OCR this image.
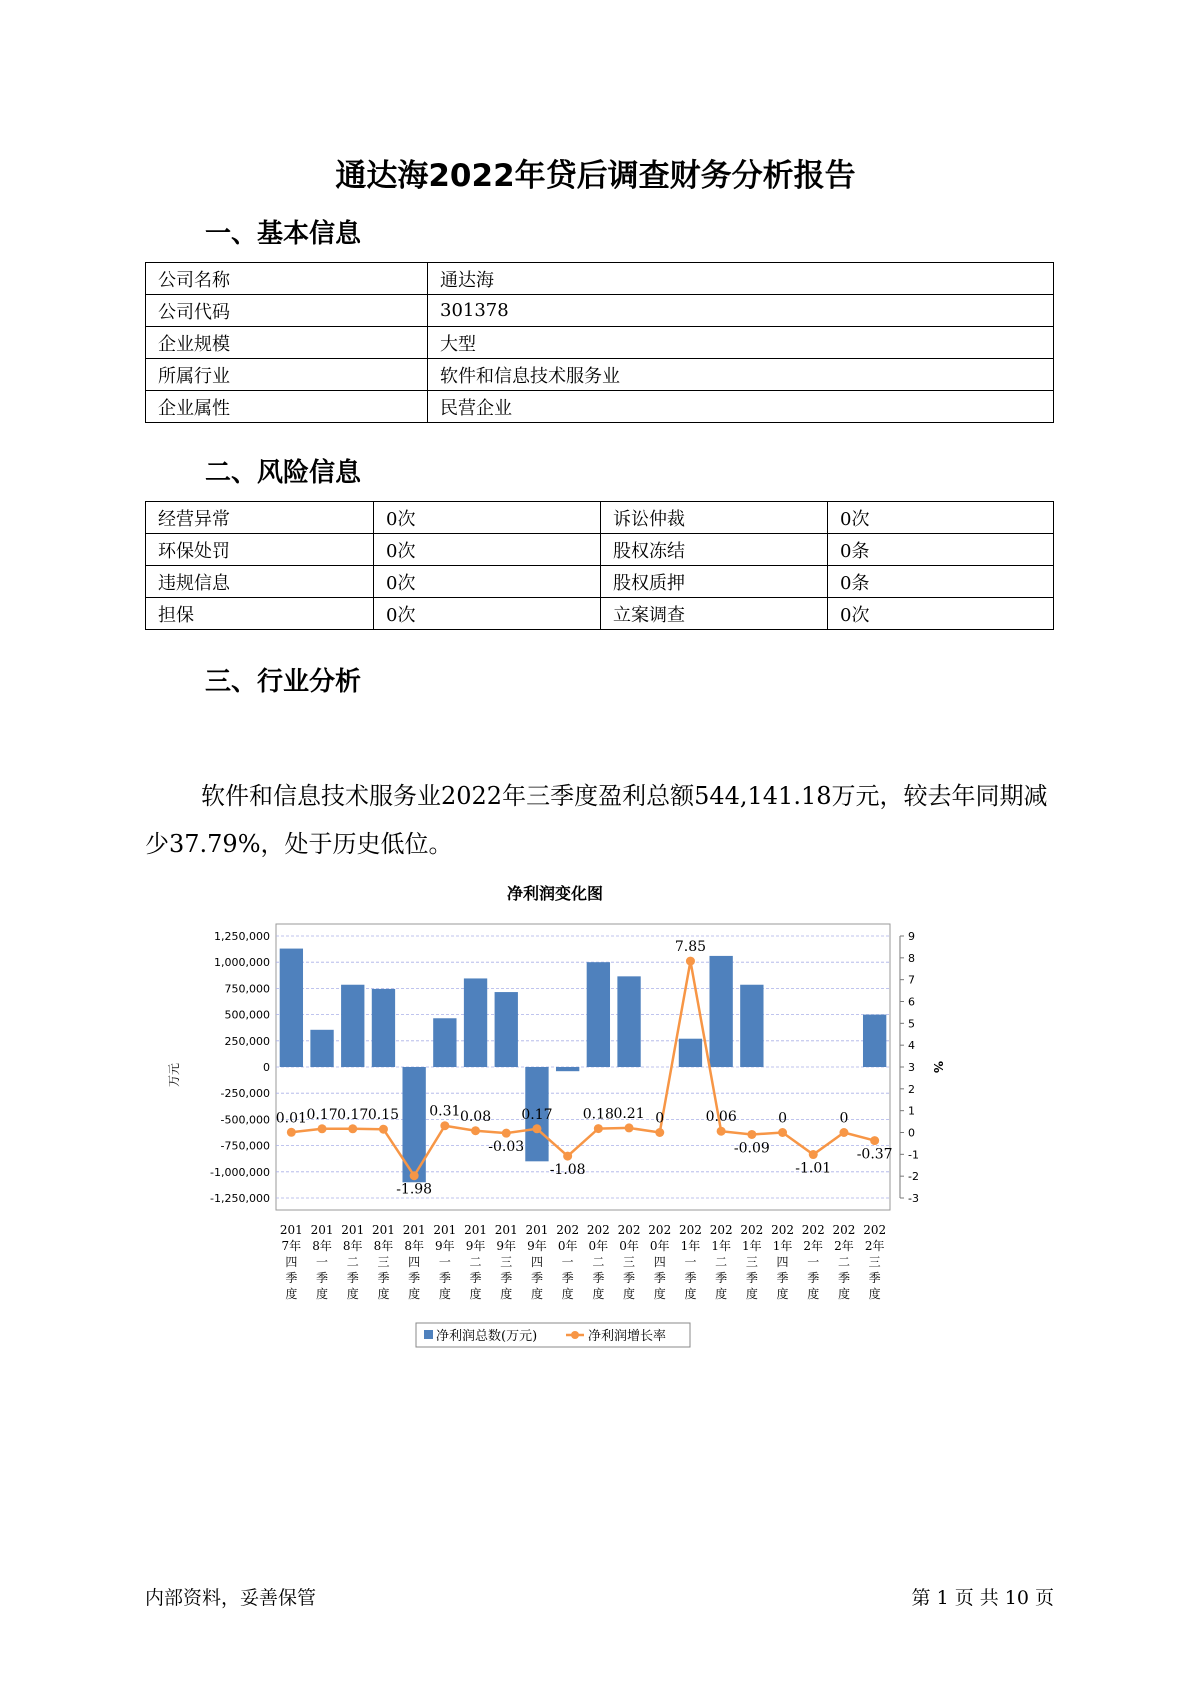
通达海2022年贷后调查财务分析报告
一、基本信息
公司名称	通达海
公司代码	301378
企业规模	大型
所属行业	软件和信息技术服务业
企业属性	民营企业
二、风险信息
经营异常	0次	诉讼仲裁	0次
环保处罚	0次	股权冻结	0条
违规信息	0次	股权质押	0条
担保	0次	立案调查	0次
三、行业分析
软件和信息技术服务业2022年三季度盈利总额544,141.18万元，较去年同期减少37.79%，处于历史低位。
净利润变化图
1,250,000
1,000,000
750,000
500,000
250,000
0
-250,000
-500,000
-750,000
-1,000,000
-1,250,000
9
8
7
6
5
4
3
2
1
0
-1
-2
-3
万元	%
0.01 0.17 0.17 0.15
-1.98
0.31 0.08
-0.03
0.17
-1.08
0.18 0.21 0
7.85
0.06
-0.09
0
-1.01
0
-0.37
201
7年
四
季
度
201
8年
一
季
度
201
8年
二
季
度
201
8年
三
季
度
201
8年
四
季
度
201
9年
一
季
度
201
9年
二
季
度
201
9年
三
季
度
201
9年
四
季
度
202
0年
一
季
度
202
0年
二
季
度
202
0年
三
季
度
202
0年
四
季
度
202
1年
一
季
度
202
1年
二
季
度
202
1年
三
季
度
202
1年
四
季
度
202
2年
一
季
度
202
2年
二
季
度
202
2年
三
季
度
净利润总数(万元)	净利润增长率
内部资料，妥善保管	第 1 页 共 10 页
